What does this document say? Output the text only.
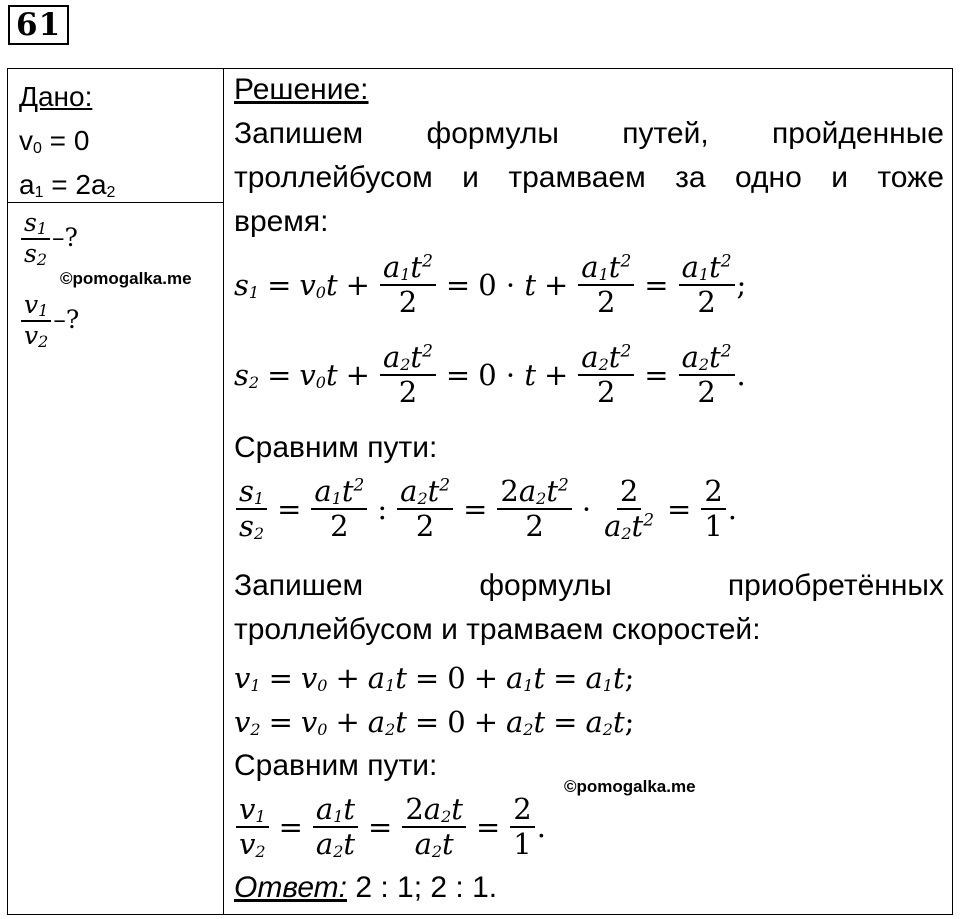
61
Дано:
$v_0 = 0$
$a_1 = 2a_2$
$\frac{s_1}{s_2}$ –?
$\frac{v_1}{v_2}$ –?
©pomogalka.me
Решение:
Запишем формулы путей, пройденные
троллейбусом и трамваем за одно и тоже
время:
$s_1 = v_0t + \frac{a_1t^2}{2} = 0$ ·
$t + \frac{a_1t^2}{2} = \frac{a_1t^2}{2}$ ;
$s_2 = v_0t + \frac{a_2t^2}{2} = 0$ ·
$t + \frac{a_2t^2}{2} = \frac{a_2t^2}{2}$ .
Сравним пути:
$\frac{s_1}{s_2} = \frac{a_1t^2}{2}$ : $\frac{a_2t^2}{2} = \frac{2a_2t^2}{2} \cdot \frac{2}{a_2t^2} = \frac{2}{1}$ .
Запишем	формулы	приобретённых
троллейбусом и трамваем скоростей:
$v_1 = v_0 + a_1t = 0 + a_1t = a_1t$ ;
$v_2 = v_0 + a_2t = 0 + a_2t = a_2t$ ;
Сравним пути:
$\frac{v_1}{v_2} = \frac{a_1t}{a_2t} = \frac{2a_2t}{a_2t} = \frac{2}{1}$ .
Ответ: 2 : 1; 2 : 1.
©pomogalka.me
